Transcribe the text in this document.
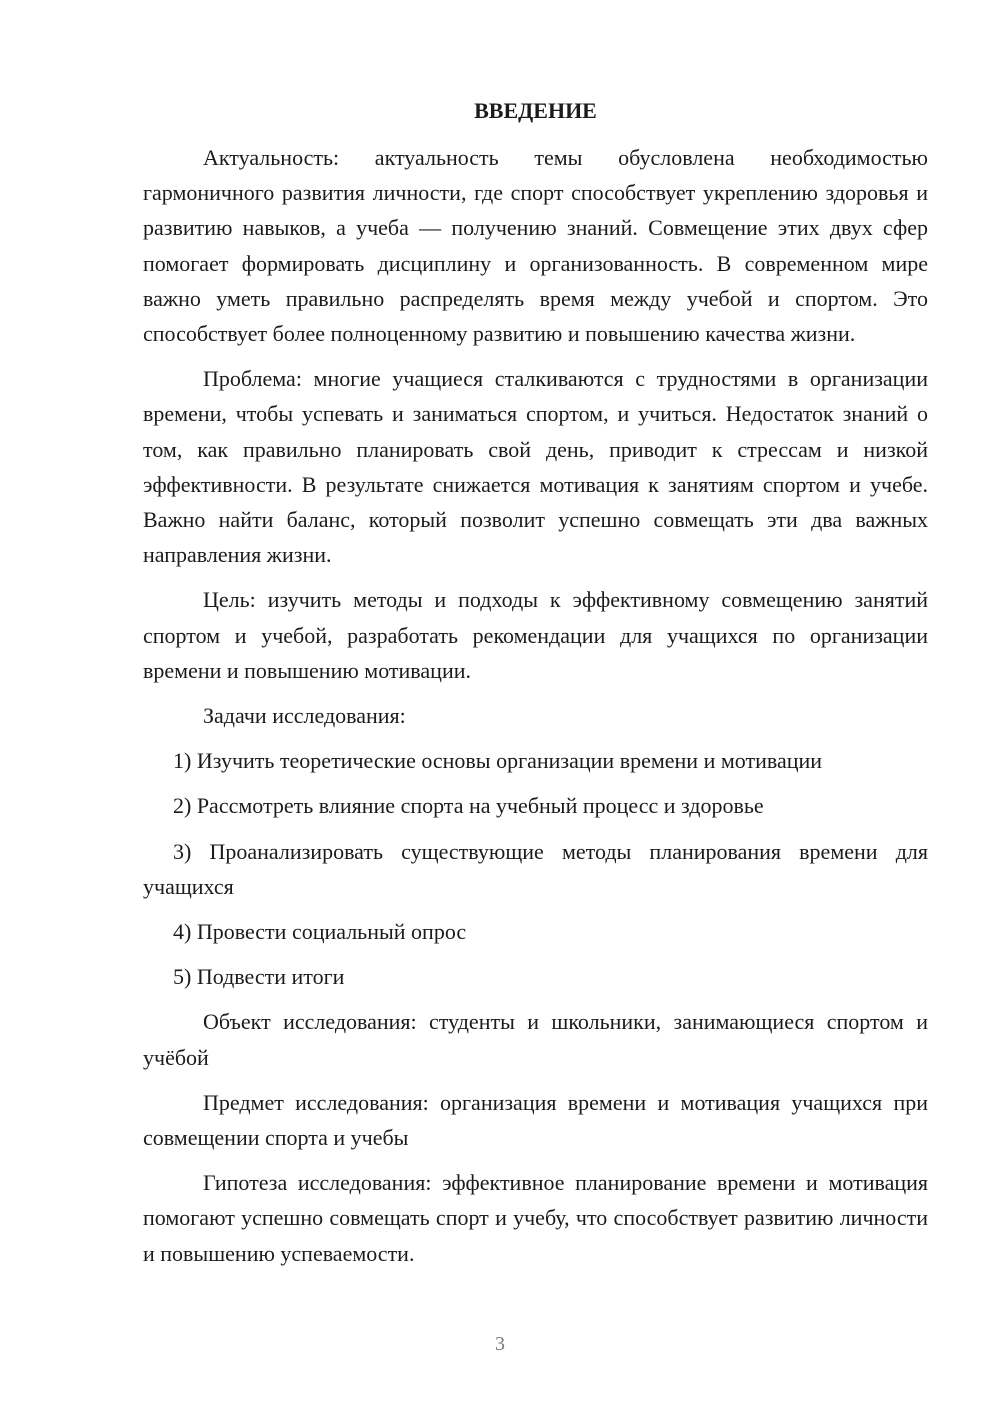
ВВЕДЕНИЕ

Актуальность: актуальность темы обусловлена необходимостью гармоничного развития личности, где спорт способствует укреплению здоровья и развитию навыков, а учеба — получению знаний. Совмещение этих двух сфер помогает формировать дисциплину и организованность. В современном мире важно уметь правильно распределять время между учебой и спортом. Это способствует более полноценному развитию и повышению качества жизни.

Проблема: многие учащиеся сталкиваются с трудностями в организации времени, чтобы успевать и заниматься спортом, и учиться. Недостаток знаний о том, как правильно планировать свой день, приводит к стрессам и низкой эффективности. В результате снижается мотивация к занятиям спортом и учебе. Важно найти баланс, который позволит успешно совмещать эти два важных направления жизни.

Цель: изучить методы и подходы к эффективному совмещению занятий спортом и учебой, разработать рекомендации для учащихся по организации времени и повышению мотивации.

Задачи исследования:

1) Изучить теоретические основы организации времени и мотивации

2) Рассмотреть влияние спорта на учебный процесс и здоровье

3) Проанализировать существующие методы планирования времени для учащихся

4) Провести социальный опрос

5) Подвести итоги

Объект исследования: студенты и школьники, занимающиеся спортом и учёбой

Предмет исследования: организация времени и мотивация учащихся при совмещении спорта и учебы

Гипотеза исследования: эффективное планирование времени и мотивация помогают успешно совмещать спорт и учебу, что способствует развитию личности и повышению успеваемости.

3
